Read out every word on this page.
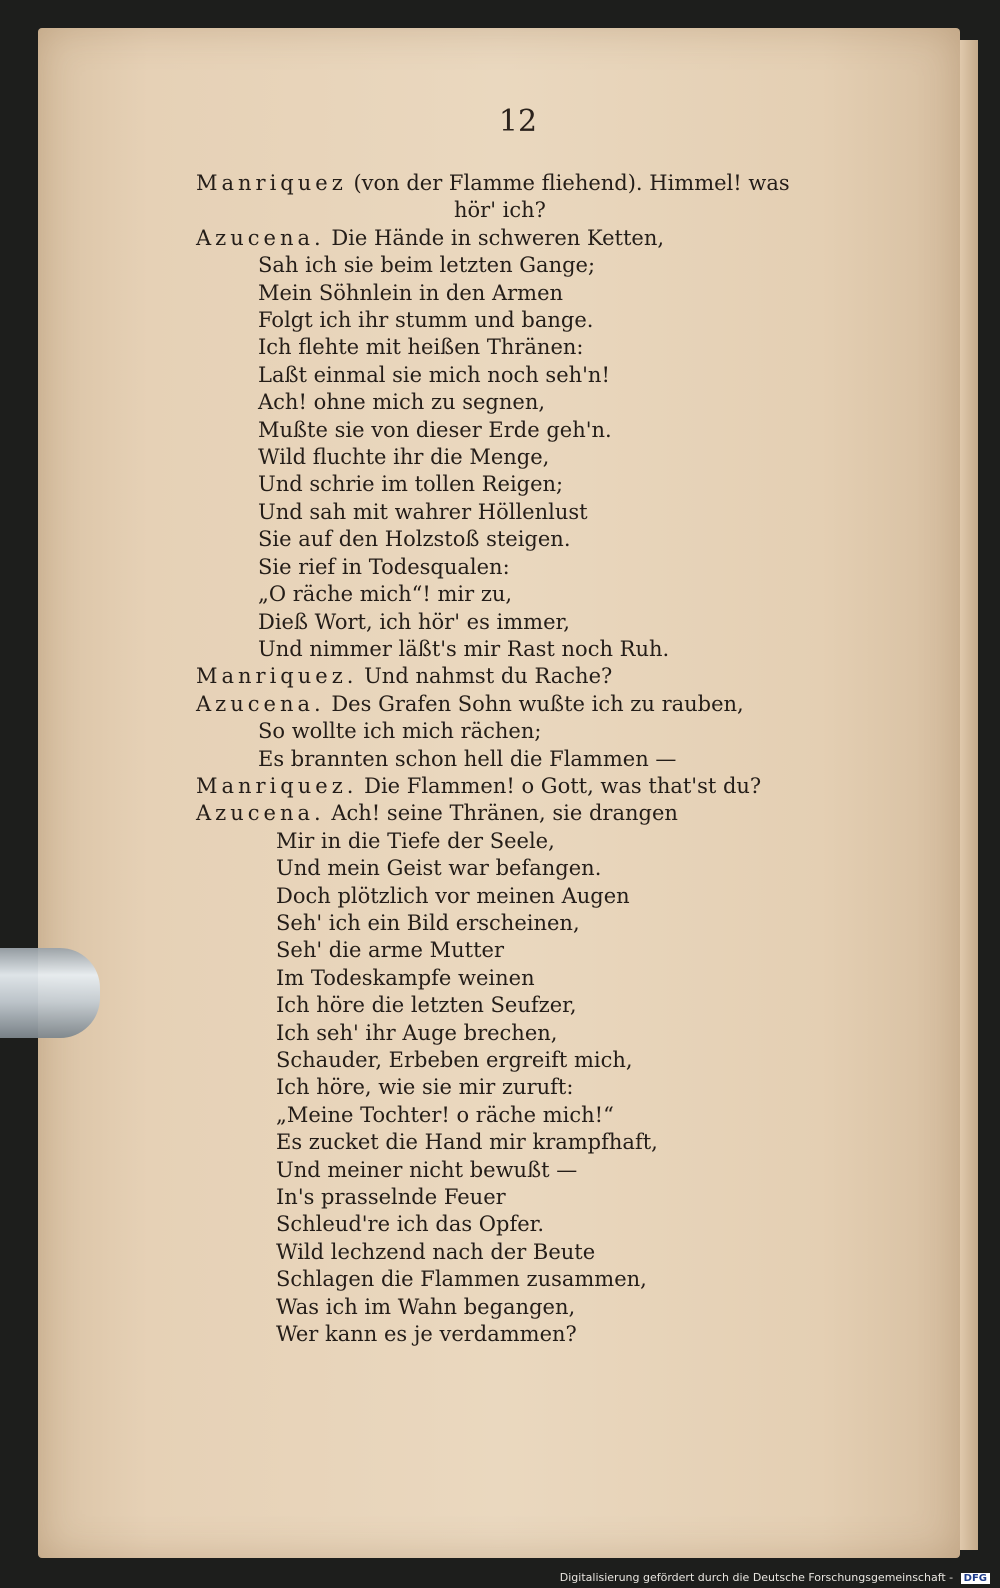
12
Manriquez (von der Flamme fliehend). Himmel! was
hör' ich?
Azucena. Die Hände in schweren Ketten,
Sah ich sie beim letzten Gange;
Mein Söhnlein in den Armen
Folgt ich ihr stumm und bange.
Ich flehte mit heißen Thränen:
Laßt einmal sie mich noch seh'n!
Ach! ohne mich zu segnen,
Mußte sie von dieser Erde geh'n.
Wild fluchte ihr die Menge,
Und schrie im tollen Reigen;
Und sah mit wahrer Höllenlust
Sie auf den Holzstoß steigen.
Sie rief in Todesqualen:
„O räche mich“! mir zu,
Dieß Wort, ich hör' es immer,
Und nimmer läßt's mir Rast noch Ruh.
Manriquez. Und nahmst du Rache?
Azucena. Des Grafen Sohn wußte ich zu rauben,
So wollte ich mich rächen;
Es brannten schon hell die Flammen —
Manriquez. Die Flammen! o Gott, was that'st du?
Azucena. Ach! seine Thränen, sie drangen
Mir in die Tiefe der Seele,
Und mein Geist war befangen.
Doch plötzlich vor meinen Augen
Seh' ich ein Bild erscheinen,
Seh' die arme Mutter
Im Todeskampfe weinen
Ich höre die letzten Seufzer,
Ich seh' ihr Auge brechen,
Schauder, Erbeben ergreift mich,
Ich höre, wie sie mir zuruft:
„Meine Tochter! o räche mich!“
Es zucket die Hand mir krampfhaft,
Und meiner nicht bewußt —
In's prasselnde Feuer
Schleud're ich das Opfer.
Wild lechzend nach der Beute
Schlagen die Flammen zusammen,
Was ich im Wahn begangen,
Wer kann es je verdammen?
Digitalisierung gefördert durch die Deutsche Forschungsgemeinschaft - DFG
